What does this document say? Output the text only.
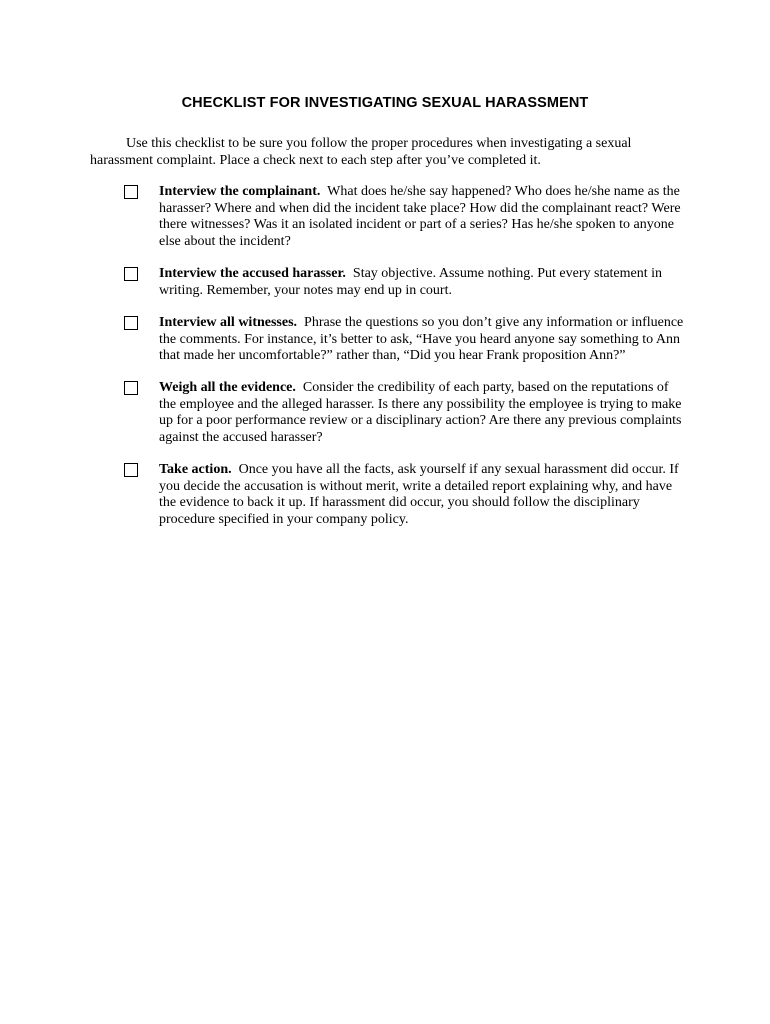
CHECKLIST FOR INVESTIGATING SEXUAL HARASSMENT

Use this checklist to be sure you follow the proper procedures when investigating a sexual
harassment complaint. Place a check next to each step after you’ve completed it.

Interview the complainant. What does he/she say happened? Who does he/she name as the harasser? Where and when did the incident take place? How did the complainant react? Were there witnesses? Was it an isolated incident or part of a series? Has he/she spoken to anyone else about the incident?

Interview the accused harasser. Stay objective. Assume nothing. Put every statement in writing. Remember, your notes may end up in court.

Interview all witnesses. Phrase the questions so you don’t give any information or influence the comments. For instance, it’s better to ask, “Have you heard anyone say something to Ann that made her uncomfortable?” rather than, “Did you hear Frank proposition Ann?”

Weigh all the evidence. Consider the credibility of each party, based on the reputations of the employee and the alleged harasser. Is there any possibility the employee is trying to make up for a poor performance review or a disciplinary action? Are there any previous complaints against the accused harasser?

Take action. Once you have all the facts, ask yourself if any sexual harassment did occur. If you decide the accusation is without merit, write a detailed report explaining why, and have the evidence to back it up. If harassment did occur, you should follow the disciplinary procedure specified in your company policy.
